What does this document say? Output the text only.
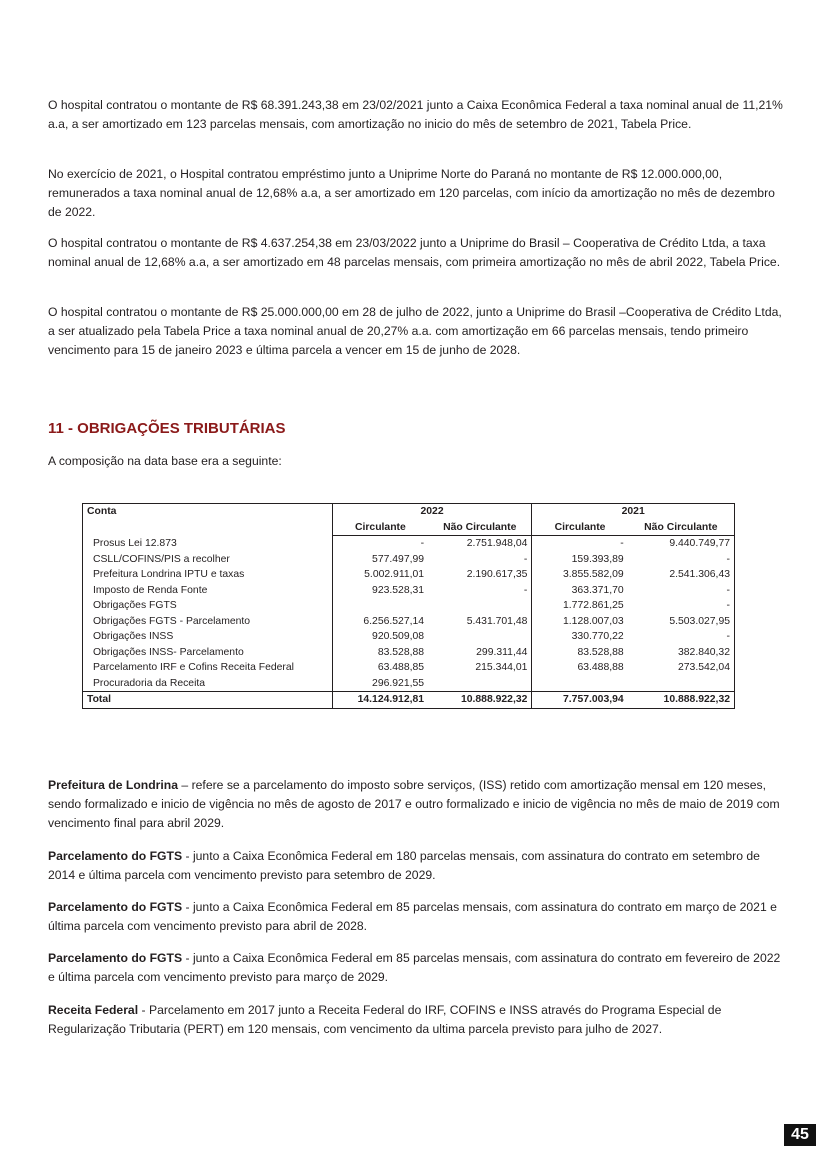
O hospital contratou o montante de R$ 68.391.243,38 em 23/02/2021 junto a Caixa Econômica Federal a taxa nominal anual de 11,21% a.a, a ser amortizado em 123 parcelas mensais, com amortização no inicio do mês de setembro de 2021, Tabela Price.

No exercício de 2021, o Hospital contratou empréstimo junto a Uniprime Norte do Paraná no montante de R$ 12.000.000,00, remunerados a taxa nominal anual de 12,68% a.a, a ser amortizado em 120 parcelas, com início da amortização no mês de dezembro de 2022.

O hospital contratou o montante de R$ 4.637.254,38 em 23/03/2022 junto a Uniprime do Brasil – Cooperativa de Crédito Ltda, a taxa nominal anual de 12,68% a.a, a ser amortizado em 48 parcelas mensais, com primeira amortização no mês de abril 2022, Tabela Price.

O hospital contratou o montante de R$ 25.000.000,00 em 28 de julho de 2022, junto a Uniprime do Brasil –Cooperativa de Crédito Ltda, a ser atualizado pela Tabela Price a taxa nominal anual de 20,27% a.a. com amortização em 66 parcelas mensais, tendo primeiro vencimento para 15 de janeiro 2023 e última parcela a vencer em 15 de junho de 2028.

11 - OBRIGAÇÕES TRIBUTÁRIAS

A composição na data base era a seguinte:

Conta	2022		2021	
	Circulante	Não Circulante	Circulante	Não Circulante
Prosus Lei 12.873	-	2.751.948,04	-	9.440.749,77
CSLL/COFINS/PIS a recolher	577.497,99	-	159.393,89	-
Prefeitura Londrina IPTU e taxas	5.002.911,01	2.190.617,35	3.855.582,09	2.541.306,43
Imposto de Renda Fonte	923.528,31	-	363.371,70	-
Obrigações FGTS			1.772.861,25	-
Obrigações FGTS - Parcelamento	6.256.527,14	5.431.701,48	1.128.007,03	5.503.027,95
Obrigações INSS	920.509,08		330.770,22	-
Obrigações INSS- Parcelamento	83.528,88	299.311,44	83.528,88	382.840,32
Parcelamento IRF e Cofins Receita Federal	63.488,85	215.344,01	63.488,88	273.542,04
Procuradoria da Receita	296.921,55			
Total	14.124.912,81	10.888.922,32	7.757.003,94	10.888.922,32

Prefeitura de Londrina – refere se a parcelamento do imposto sobre serviços, (ISS) retido com amortização mensal em 120 meses, sendo formalizado e inicio de vigência no mês de agosto de 2017 e outro formalizado e inicio de vigência no mês de maio de 2019 com vencimento final para abril 2029.

Parcelamento do FGTS - junto a Caixa Econômica Federal em 180 parcelas mensais, com assinatura do contrato em setembro de 2014 e última parcela com vencimento previsto para setembro de 2029.

Parcelamento do FGTS - junto a Caixa Econômica Federal em 85 parcelas mensais, com assinatura do contrato em março de 2021 e última parcela com vencimento previsto para abril de 2028.

Parcelamento do FGTS - junto a Caixa Econômica Federal em 85 parcelas mensais, com assinatura do contrato em fevereiro de 2022 e última parcela com vencimento previsto para março de 2029.

Receita Federal - Parcelamento em 2017 junto a Receita Federal do IRF, COFINS e INSS através do Programa Especial de Regularização Tributaria (PERT) em 120 mensais, com vencimento da ultima parcela previsto para julho de 2027.

45
